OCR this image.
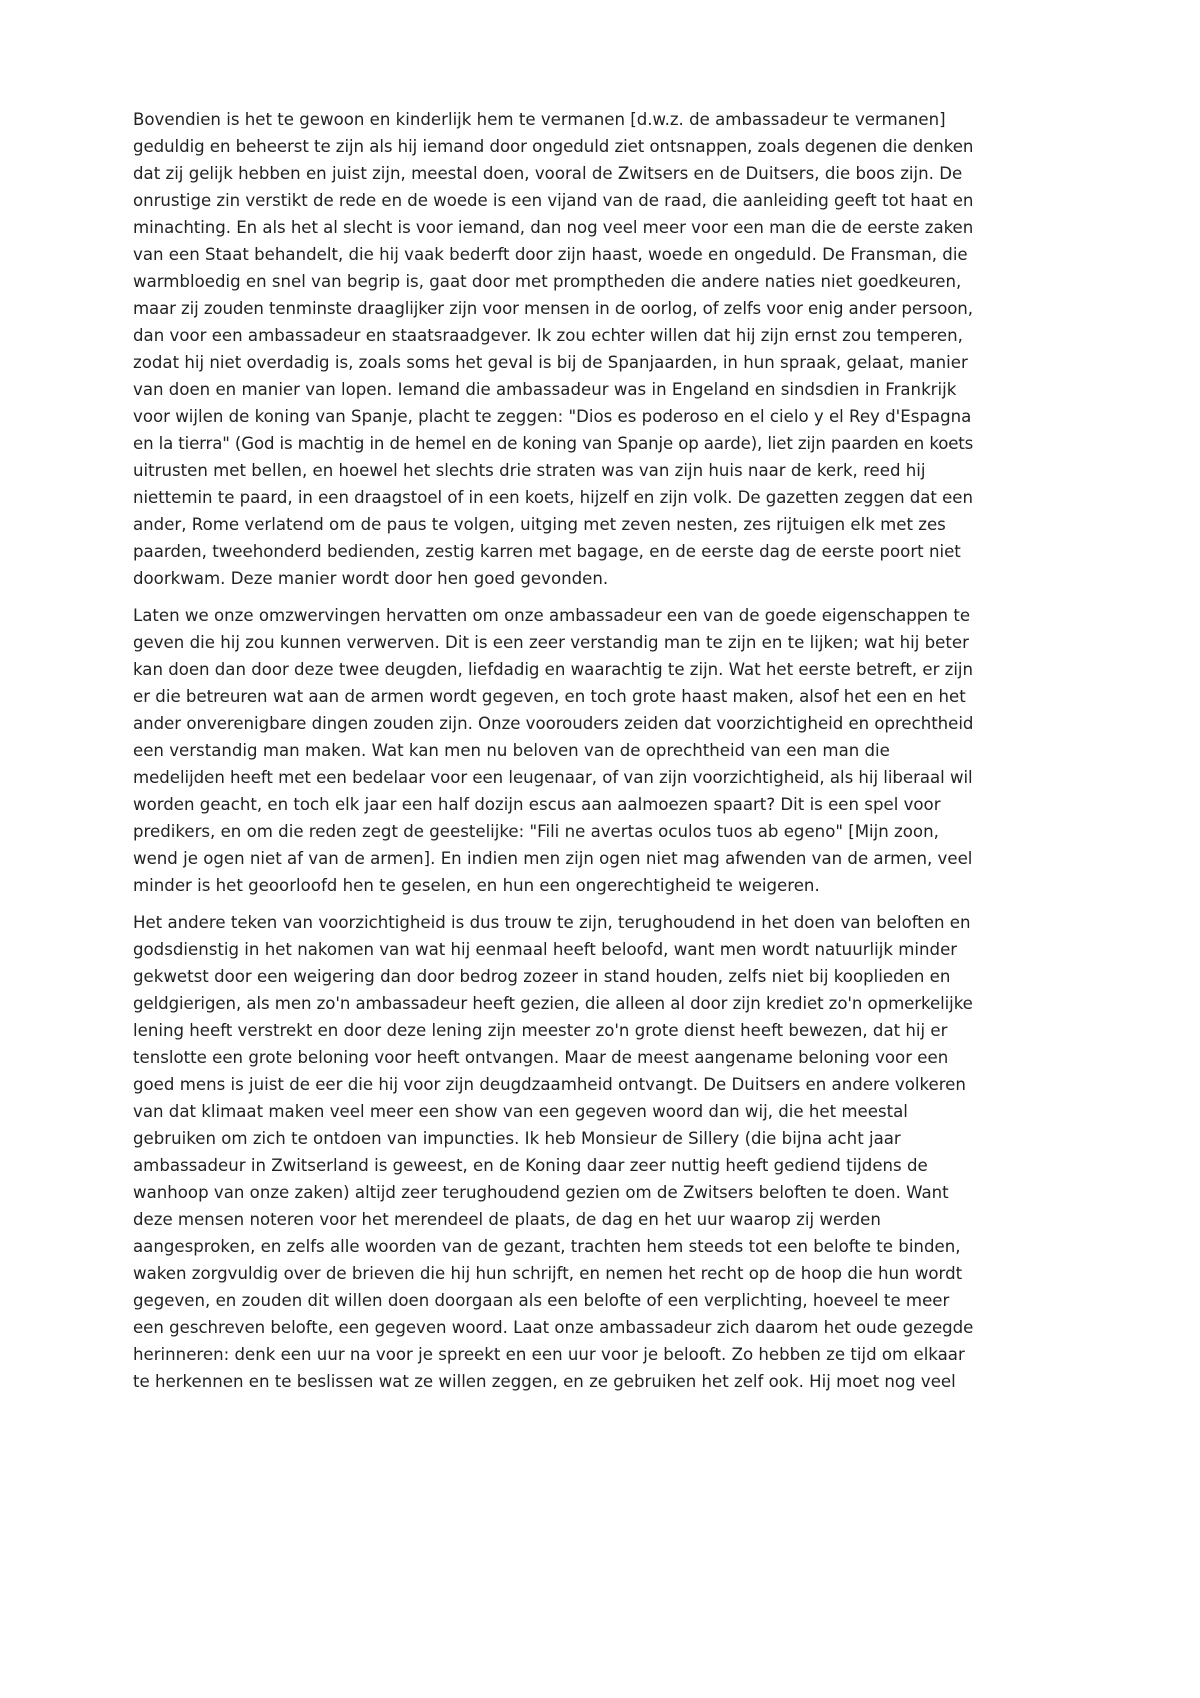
Bovendien is het te gewoon en kinderlijk hem te vermanen [d.w.z. de ambassadeur te vermanen]
geduldig en beheerst te zijn als hij iemand door ongeduld ziet ontsnappen, zoals degenen die denken
dat zij gelijk hebben en juist zijn, meestal doen, vooral de Zwitsers en de Duitsers, die boos zijn. De
onrustige zin verstikt de rede en de woede is een vijand van de raad, die aanleiding geeft tot haat en
minachting. En als het al slecht is voor iemand, dan nog veel meer voor een man die de eerste zaken
van een Staat behandelt, die hij vaak bederft door zijn haast, woede en ongeduld. De Fransman, die
warmbloedig en snel van begrip is, gaat door met promptheden die andere naties niet goedkeuren,
maar zij zouden tenminste draaglijker zijn voor mensen in de oorlog, of zelfs voor enig ander persoon,
dan voor een ambassadeur en staatsraadgever. Ik zou echter willen dat hij zijn ernst zou temperen,
zodat hij niet overdadig is, zoals soms het geval is bij de Spanjaarden, in hun spraak, gelaat, manier
van doen en manier van lopen. Iemand die ambassadeur was in Engeland en sindsdien in Frankrijk
voor wijlen de koning van Spanje, placht te zeggen: "Dios es poderoso en el cielo y el Rey d'Espagna
en la tierra" (God is machtig in de hemel en de koning van Spanje op aarde), liet zijn paarden en koets
uitrusten met bellen, en hoewel het slechts drie straten was van zijn huis naar de kerk, reed hij
niettemin te paard, in een draagstoel of in een koets, hijzelf en zijn volk. De gazetten zeggen dat een
ander, Rome verlatend om de paus te volgen, uitging met zeven nesten, zes rijtuigen elk met zes
paarden, tweehonderd bedienden, zestig karren met bagage, en de eerste dag de eerste poort niet
doorkwam. Deze manier wordt door hen goed gevonden.
Laten we onze omzwervingen hervatten om onze ambassadeur een van de goede eigenschappen te
geven die hij zou kunnen verwerven. Dit is een zeer verstandig man te zijn en te lijken; wat hij beter
kan doen dan door deze twee deugden, liefdadig en waarachtig te zijn. Wat het eerste betreft, er zijn
er die betreuren wat aan de armen wordt gegeven, en toch grote haast maken, alsof het een en het
ander onverenigbare dingen zouden zijn. Onze voorouders zeiden dat voorzichtigheid en oprechtheid
een verstandig man maken. Wat kan men nu beloven van de oprechtheid van een man die
medelijden heeft met een bedelaar voor een leugenaar, of van zijn voorzichtigheid, als hij liberaal wil
worden geacht, en toch elk jaar een half dozijn escus aan aalmoezen spaart? Dit is een spel voor
predikers, en om die reden zegt de geestelijke: "Fili ne avertas oculos tuos ab egeno" [Mijn zoon,
wend je ogen niet af van de armen]. En indien men zijn ogen niet mag afwenden van de armen, veel
minder is het geoorloofd hen te geselen, en hun een ongerechtigheid te weigeren.
Het andere teken van voorzichtigheid is dus trouw te zijn, terughoudend in het doen van beloften en
godsdienstig in het nakomen van wat hij eenmaal heeft beloofd, want men wordt natuurlijk minder
gekwetst door een weigering dan door bedrog zozeer in stand houden, zelfs niet bij kooplieden en
geldgierigen, als men zo'n ambassadeur heeft gezien, die alleen al door zijn krediet zo'n opmerkelijke
lening heeft verstrekt en door deze lening zijn meester zo'n grote dienst heeft bewezen, dat hij er
tenslotte een grote beloning voor heeft ontvangen. Maar de meest aangename beloning voor een
goed mens is juist de eer die hij voor zijn deugdzaamheid ontvangt. De Duitsers en andere volkeren
van dat klimaat maken veel meer een show van een gegeven woord dan wij, die het meestal
gebruiken om zich te ontdoen van impuncties. Ik heb Monsieur de Sillery (die bijna acht jaar
ambassadeur in Zwitserland is geweest, en de Koning daar zeer nuttig heeft gediend tijdens de
wanhoop van onze zaken) altijd zeer terughoudend gezien om de Zwitsers beloften te doen. Want
deze mensen noteren voor het merendeel de plaats, de dag en het uur waarop zij werden
aangesproken, en zelfs alle woorden van de gezant, trachten hem steeds tot een belofte te binden,
waken zorgvuldig over de brieven die hij hun schrijft, en nemen het recht op de hoop die hun wordt
gegeven, en zouden dit willen doen doorgaan als een belofte of een verplichting, hoeveel te meer
een geschreven belofte, een gegeven woord. Laat onze ambassadeur zich daarom het oude gezegde
herinneren: denk een uur na voor je spreekt en een uur voor je belooft. Zo hebben ze tijd om elkaar
te herkennen en te beslissen wat ze willen zeggen, en ze gebruiken het zelf ook. Hij moet nog veel
